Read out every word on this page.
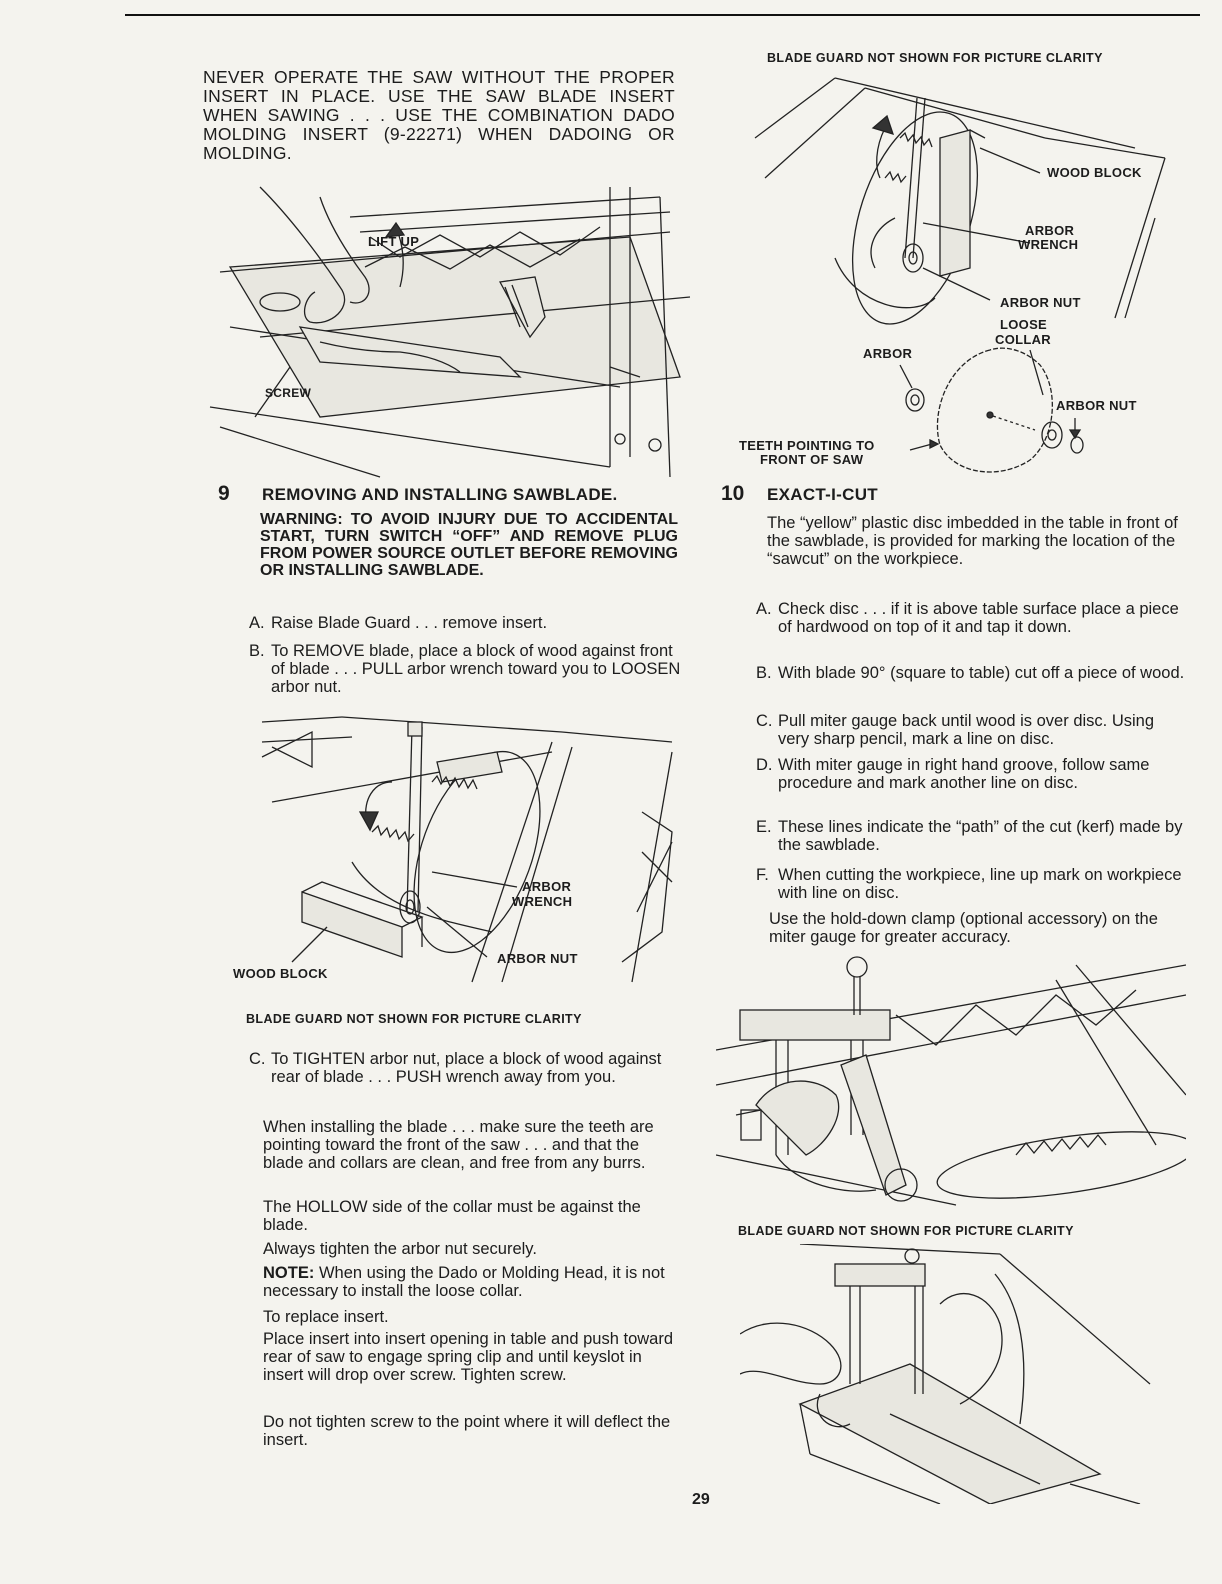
NEVER OPERATE THE SAW WITHOUT THE PROPER INSERT IN PLACE. USE THE SAW BLADE INSERT WHEN SAWING . . . USE THE COMBINATION DADO MOLDING INSERT (9-22271) WHEN DADOING OR MOLDING.
LIFT UP
SCREW
9 REMOVING AND INSTALLING SAWBLADE.
WARNING: TO AVOID INJURY DUE TO ACCIDENTAL START, TURN SWITCH “OFF” AND REMOVE PLUG FROM POWER SOURCE OUTLET BEFORE REMOVING OR INSTALLING SAWBLADE.
A. Raise Blade Guard . . . remove insert.
B. To REMOVE blade, place a block of wood against front of blade . . . PULL arbor wrench toward you to LOOSEN arbor nut.
ARBOR
WRENCH
ARBOR NUT
WOOD BLOCK
BLADE GUARD NOT SHOWN FOR PICTURE CLARITY
C. To TIGHTEN arbor nut, place a block of wood against rear of blade . . . PUSH wrench away from you.
When installing the blade . . . make sure the teeth are pointing toward the front of the saw . . . and that the blade and collars are clean, and free from any burrs.
The HOLLOW side of the collar must be against the blade.
Always tighten the arbor nut securely.
NOTE: When using the Dado or Molding Head, it is not necessary to install the loose collar.
To replace insert.
Place insert into insert opening in table and push toward rear of saw to engage spring clip and until keyslot in insert will drop over screw. Tighten screw.
Do not tighten screw to the point where it will deflect the insert.
BLADE GUARD NOT SHOWN FOR PICTURE CLARITY
WOOD BLOCK
ARBOR
WRENCH
ARBOR NUT
LOOSE
COLLAR
ARBOR
ARBOR NUT
TEETH POINTING TO
FRONT OF SAW
10 EXACT-I-CUT
The “yellow” plastic disc imbedded in the table in front of the sawblade, is provided for marking the location of the “sawcut” on the workpiece.
A. Check disc . . . if it is above table surface place a piece of hardwood on top of it and tap it down.
B. With blade 90° (square to table) cut off a piece of wood.
C. Pull miter gauge back until wood is over disc. Using very sharp pencil, mark a line on disc.
D. With miter gauge in right hand groove, follow same procedure and mark another line on disc.
E. These lines indicate the “path” of the cut (kerf) made by the sawblade.
F. When cutting the workpiece, line up mark on workpiece with line on disc.
Use the hold-down clamp (optional accessory) on the miter gauge for greater accuracy.
BLADE GUARD NOT SHOWN FOR PICTURE CLARITY
29
